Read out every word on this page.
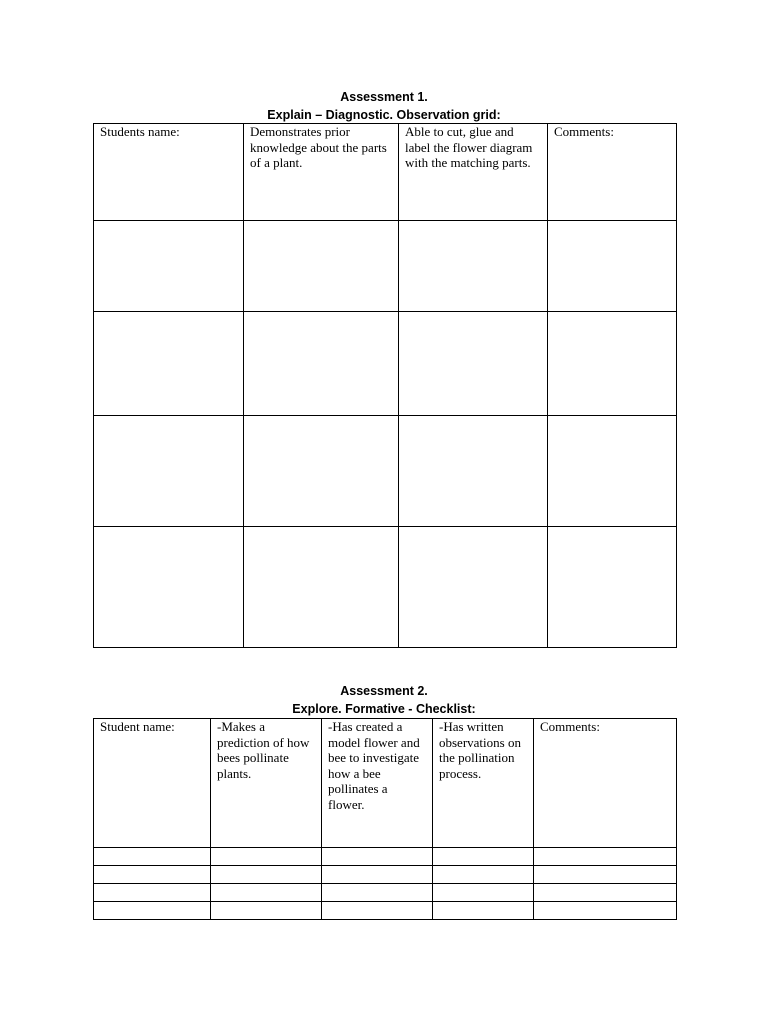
Assessment 1.
Explain – Diagnostic. Observation grid:
Students name:	Demonstrates prior knowledge about the parts of a plant.	Able to cut, glue and label the flower diagram with the matching parts.	Comments:

Assessment 2.
Explore. Formative - Checklist:
Student name:	-Makes a prediction of how bees pollinate plants.	-Has created a model flower and bee to investigate how a bee pollinates a flower.	-Has written observations on the pollination process.	Comments:
